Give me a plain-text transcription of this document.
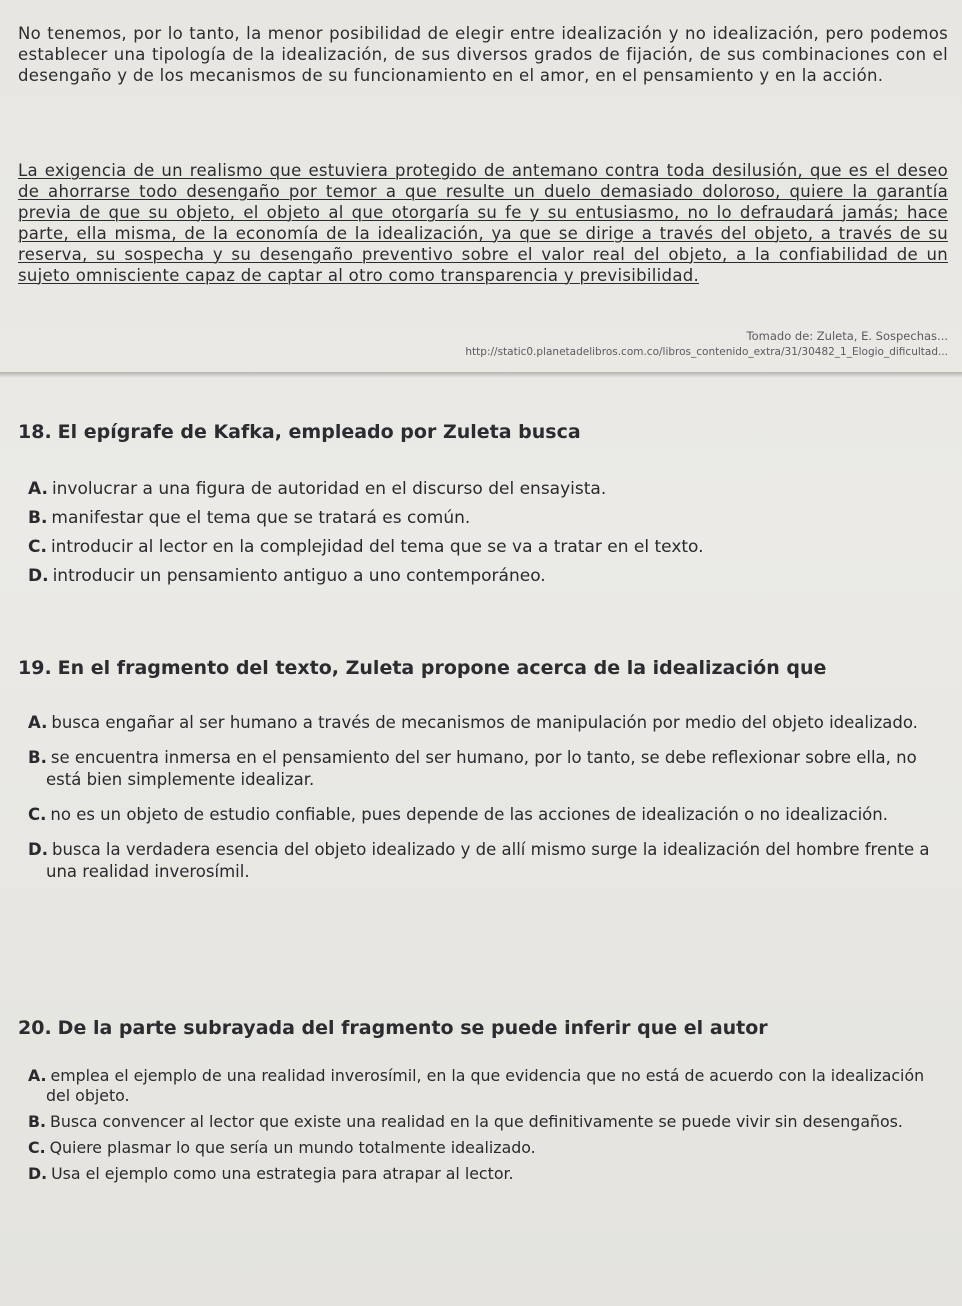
No tenemos, por lo tanto, la menor posibilidad de elegir entre idealización y no idealización, pero podemos establecer una tipología de la idealización, de sus diversos grados de fijación, de sus combinaciones con el desengaño y de los mecanismos de su funcionamiento en el amor, en el pensamiento y en la acción.

La exigencia de un realismo que estuviera protegido de antemano contra toda desilusión, que es el deseo de ahorrarse todo desengaño por temor a que resulte un duelo demasiado doloroso, quiere la garantía previa de que su objeto, el objeto al que otorgaría su fe y su entusiasmo, no lo defraudará jamás; hace parte, ella misma, de la economía de la idealización, ya que se dirige a través del objeto, a través de su reserva, su sospecha y su desengaño preventivo sobre el valor real del objeto, a la confiabilidad de un sujeto omnisciente capaz de captar al otro como transparencia y previsibilidad.

Tomado de: Zuleta, E. Sospechas...
http://static0.planetadelibros.com.co/libros_contenido_extra/31/30482_1_Elogio_dificultad...
18. El epígrafe de Kafka, empleado por Zuleta busca
A. involucrar a una figura de autoridad en el discurso del ensayista.
B. manifestar que el tema que se tratará es común.
C. introducir al lector en la complejidad del tema que se va a tratar en el texto.
D. introducir un pensamiento antiguo a uno contemporáneo.
19. En el fragmento del texto, Zuleta propone acerca de la idealización que
A. busca engañar al ser humano a través de mecanismos de manipulación por medio del objeto idealizado.
B. se encuentra inmersa en el pensamiento del ser humano, por lo tanto, se debe reflexionar sobre ella, no está bien simplemente idealizar.
C. no es un objeto de estudio confiable, pues depende de las acciones de idealización o no idealización.
D. busca la verdadera esencia del objeto idealizado y de allí mismo surge la idealización del hombre frente a una realidad inverosímil.
20. De la parte subrayada del fragmento se puede inferir que el autor
A. emplea el ejemplo de una realidad inverosímil, en la que evidencia que no está de acuerdo con la idealización del objeto.
B. Busca convencer al lector que existe una realidad en la que definitivamente se puede vivir sin desengaños.
C. Quiere plasmar lo que sería un mundo totalmente idealizado.
D. Usa el ejemplo como una estrategia para atrapar al lector.
